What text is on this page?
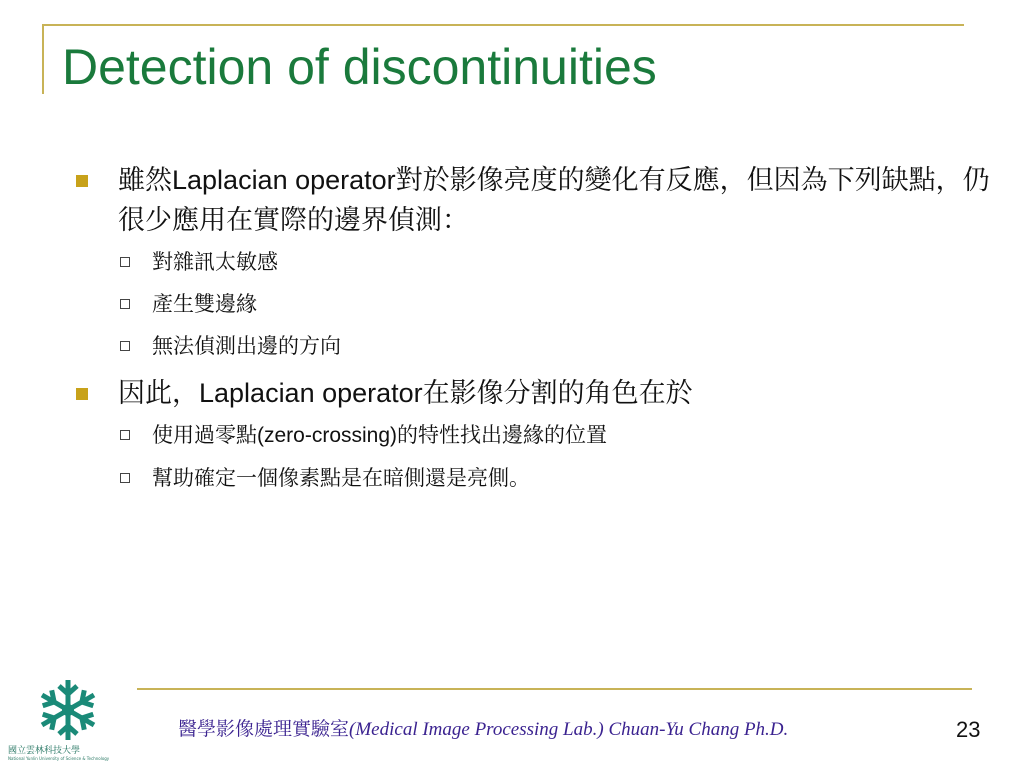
Detection of discontinuities
雖然Laplacian operator對於影像亮度的變化有反應，但因為下列缺點，仍很少應用在實際的邊界偵測：
對雜訊太敏感
產生雙邊緣
無法偵測出邊的方向
因此，Laplacian operator在影像分割的角色在於
使用過零點(zero-crossing)的特性找出邊緣的位置
幫助確定一個像素點是在暗側還是亮側。
國立雲林科技大學
National Yunlin University of Science & Technology
醫學影像處理實驗室(Medical Image Processing Lab.) Chuan-Yu Chang Ph.D.	23
